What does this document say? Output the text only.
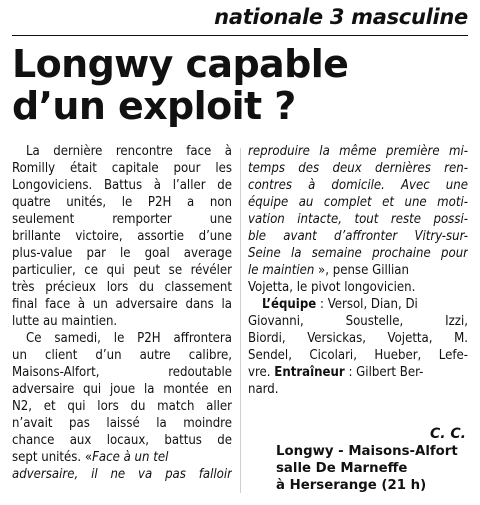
nationale 3 masculine
Longwy capable
d’un exploit ?
La dernière rencontre face à
Romilly était capitale pour les
Longoviciens. Battus à l’aller de
quatre unités, le P2H a non
seulement remporter une
brillante victoire, assortie d’une
plus-value par le goal average
particulier, ce qui peut se révéler
très précieux lors du classement
final face à un adversaire dans la
lutte au maintien.
Ce samedi, le P2H affrontera
un client d’un autre calibre,
Maisons-Alfort, redoutable
adversaire qui joue la montée en
N2, et qui lors du match aller
n’avait pas laissé la moindre
chance aux locaux, battus de
sept unités. «Face à un tel
adversaire, il ne va pas falloir
reproduire la même première mi-
temps des deux dernières ren-
contres à domicile. Avec une
équipe au complet et une moti-
vation intacte, tout reste possi-
ble avant d’affronter Vitry-sur-
Seine la semaine prochaine pour
le maintien », pense Gillian
Vojetta, le pivot longovicien.
L’équipe : Versol, Dian, Di
Giovanni, Soustelle, Izzi,
Biordi, Versickas, Vojetta, M.
Sendel, Cicolari, Hueber, Lefe-
vre. Entraîneur : Gilbert Ber-
nard.
C. C.
Longwy - Maisons-Alfort
salle De Marneffe
à Herserange (21 h)
